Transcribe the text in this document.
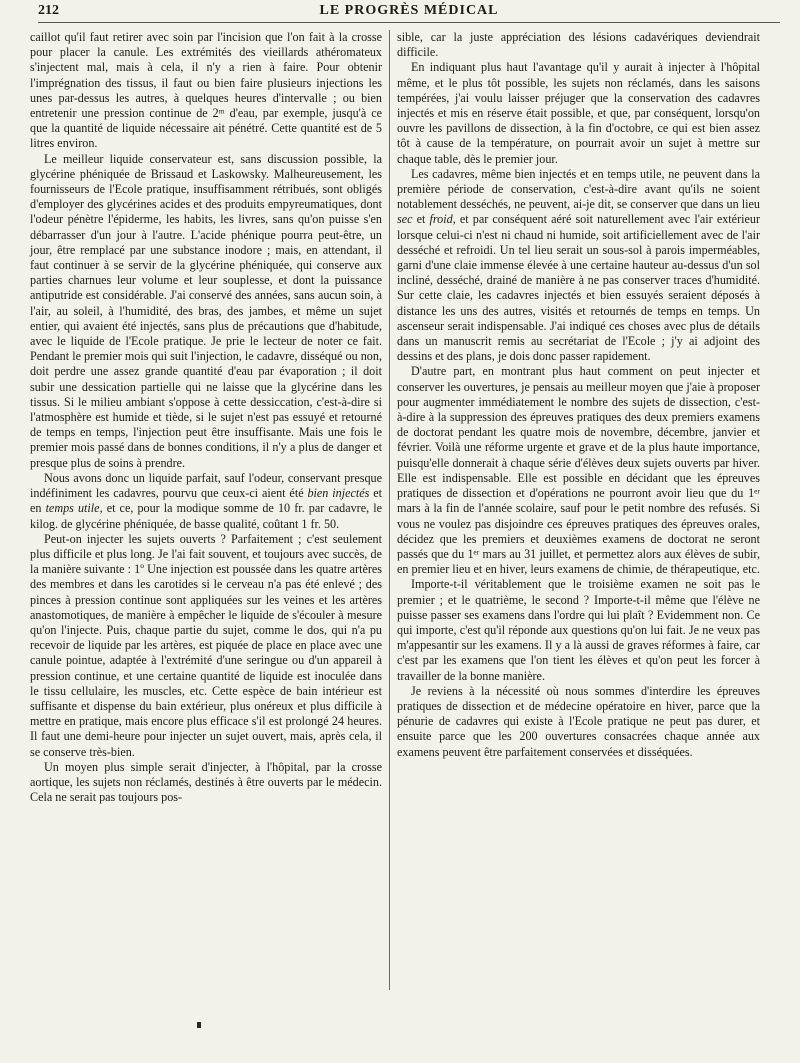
212	LE PROGRÈS MÉDICAL

caillot qu'il faut retirer avec soin par l'incision que l'on fait à la crosse pour placer la canule. Les extrémités des vieillards athéromateux s'injectent mal, mais à cela, il n'y a rien à faire. Pour obtenir l'imprégnation des tissus, il faut ou bien faire plusieurs injections les unes par-dessus les autres, à quelques heures d'intervalle ; ou bien entretenir une pression continue de 2ᵐ d'eau, par exemple, jusqu'à ce que la quantité de liquide nécessaire ait pénétré. Cette quantité est de 5 litres environ.

Le meilleur liquide conservateur est, sans discussion possible, la glycérine phéniquée de Brissaud et Laskowsky. Malheureusement, les fournisseurs de l'Ecole pratique, insuffisamment rétribués, sont obligés d'employer des glycérines acides et des produits empyreumatiques, dont l'odeur pénètre l'épiderme, les habits, les livres, sans qu'on puisse s'en débarrasser d'un jour à l'autre. L'acide phénique pourra peut-être, un jour, être remplacé par une substance inodore ; mais, en attendant, il faut continuer à se servir de la glycérine phéniquée, qui conserve aux parties charnues leur volume et leur souplesse, et dont la puissance antiputride est considérable. J'ai conservé des années, sans aucun soin, à l'air, au soleil, à l'humidité, des bras, des jambes, et même un sujet entier, qui avaient été injectés, sans plus de précautions que d'habitude, avec le liquide de l'Ecole pratique. Je prie le lecteur de noter ce fait. Pendant le premier mois qui suit l'injection, le cadavre, disséqué ou non, doit perdre une assez grande quantité d'eau par évaporation ; il doit subir une dessication partielle qui ne laisse que la glycérine dans les tissus. Si le milieu ambiant s'oppose à cette dessiccation, c'est-à-dire si l'atmosphère est humide et tiède, si le sujet n'est pas essuyé et retourné de temps en temps, l'injection peut être insuffisante. Mais une fois le premier mois passé dans de bonnes conditions, il n'y a plus de danger et presque plus de soins à prendre.

Nous avons donc un liquide parfait, sauf l'odeur, conservant presque indéfiniment les cadavres, pourvu que ceux-ci aient été bien injectés et en temps utile, et ce, pour la modique somme de 10 fr. par cadavre, le kilog. de glycérine phéniquée, de basse qualité, coûtant 1 fr. 50.

Peut-on injecter les sujets ouverts ? Parfaitement ; c'est seulement plus difficile et plus long. Je l'ai fait souvent, et toujours avec succès, de la manière suivante : 1º Une injection est poussée dans les quatre artères des membres et dans les carotides si le cerveau n'a pas été enlevé ; des pinces à pression continue sont appliquées sur les veines et les artères anastomotiques, de manière à empêcher le liquide de s'écouler à mesure qu'on l'injecte. Puis, chaque partie du sujet, comme le dos, qui n'a pu recevoir de liquide par les artères, est piquée de place en place avec une canule pointue, adaptée à l'extrémité d'une seringue ou d'un appareil à pression continue, et une certaine quantité de liquide est inoculée dans le tissu cellulaire, les muscles, etc. Cette espèce de bain intérieur est suffisante et dispense du bain extérieur, plus onéreux et plus difficile à mettre en pratique, mais encore plus efficace s'il est prolongé 24 heures. Il faut une demi-heure pour injecter un sujet ouvert, mais, après cela, il se conserve très-bien.

Un moyen plus simple serait d'injecter, à l'hôpital, par la crosse aortique, les sujets non réclamés, destinés à être ouverts par le médecin. Cela ne serait pas toujours pos-

sible, car la juste appréciation des lésions cadavériques deviendrait difficile.

En indiquant plus haut l'avantage qu'il y aurait à injecter à l'hôpital même, et le plus tôt possible, les sujets non réclamés, dans les saisons tempérées, j'ai voulu laisser préjuger que la conservation des cadavres injectés et mis en réserve était possible, et que, par conséquent, lorsqu'on ouvre les pavillons de dissection, à la fin d'octobre, ce qui est bien assez tôt à cause de la température, on pourrait avoir un sujet à mettre sur chaque table, dès le premier jour.

Les cadavres, même bien injectés et en temps utile, ne peuvent dans la première période de conservation, c'est-à-dire avant qu'ils ne soient notablement desséchés, ne peuvent, ai-je dit, se conserver que dans un lieu sec et froid, et par conséquent aéré soit naturellement avec l'air extérieur lorsque celui-ci n'est ni chaud ni humide, soit artificiellement avec de l'air desséché et refroidi. Un tel lieu serait un sous-sol à parois imperméables, garni d'une claie immense élevée à une certaine hauteur au-dessus d'un sol incliné, desséché, drainé de manière à ne pas conserver traces d'humidité. Sur cette claie, les cadavres injectés et bien essuyés seraient déposés à distance les uns des autres, visités et retournés de temps en temps. Un ascenseur serait indispensable. J'ai indiqué ces choses avec plus de détails dans un manuscrit remis au secrétariat de l'Ecole ; j'y ai adjoint des dessins et des plans, je dois donc passer rapidement.

D'autre part, en montrant plus haut comment on peut injecter et conserver les ouvertures, je pensais au meilleur moyen que j'aie à proposer pour augmenter immédiatement le nombre des sujets de dissection, c'est-à-dire à la suppression des épreuves pratiques des deux premiers examens de doctorat pendant les quatre mois de novembre, décembre, janvier et février. Voilà une réforme urgente et grave et de la plus haute importance, puisqu'elle donnerait à chaque série d'élèves deux sujets ouverts par hiver. Elle est indispensable. Elle est possible en décidant que les épreuves pratiques de dissection et d'opérations ne pourront avoir lieu que du 1ᵉʳ mars à la fin de l'année scolaire, sauf pour le petit nombre des refusés. Si vous ne voulez pas disjoindre ces épreuves pratiques des épreuves orales, décidez que les premiers et deuxièmes examens de doctorat ne seront passés que du 1ᵉʳ mars au 31 juillet, et permettez alors aux élèves de subir, en premier lieu et en hiver, leurs examens de chimie, de thérapeutique, etc.

Importe-t-il véritablement que le troisième examen ne soit pas le premier ; et le quatrième, le second ? Importe-t-il même que l'élève ne puisse passer ses examens dans l'ordre qui lui plaît ? Evidemment non. Ce qui importe, c'est qu'il réponde aux questions qu'on lui fait. Je ne veux pas m'appesantir sur les examens. Il y a là aussi de graves réformes à faire, car c'est par les examens que l'on tient les élèves et qu'on peut les forcer à travailler de la bonne manière.

Je reviens à la nécessité où nous sommes d'interdire les épreuves pratiques de dissection et de médecine opératoire en hiver, parce que la pénurie de cadavres qui existe à l'Ecole pratique ne peut pas durer, et ensuite parce que les 200 ouvertures consacrées chaque année aux examens peuvent être parfaitement conservées et disséquées.
